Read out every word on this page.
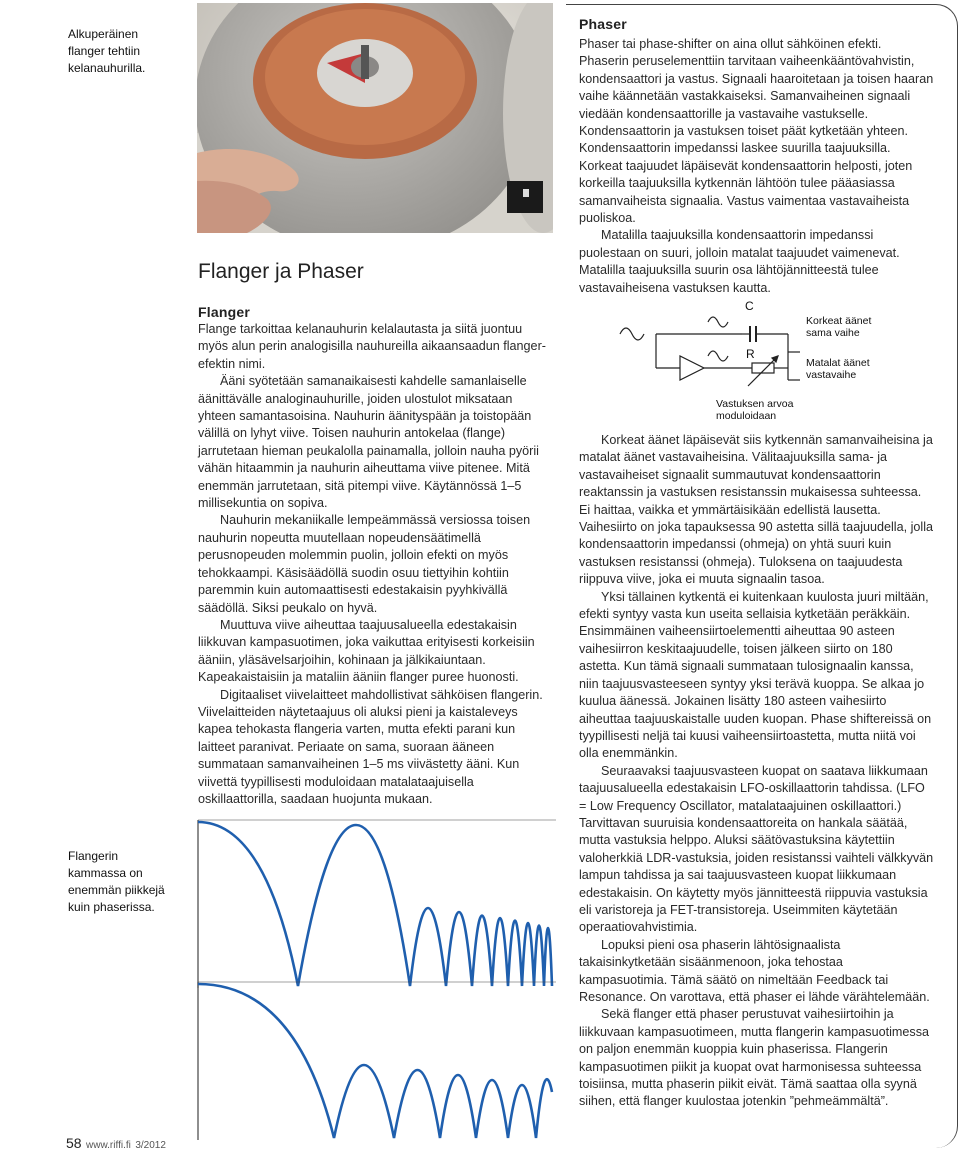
Alkuperäinen flanger tehtiin kelanauhurilla.
Flangerin kammassa on enemmän piikkejä kuin phaserissa.
Flanger ja Phaser
Flanger

Flange tarkoittaa kelanauhurin kelalautasta ja siitä juontuu myös alun perin analogisilla nauhureilla aikaansaadun flanger-efektin nimi.

Ääni syötetään samanaikaisesti kahdelle samanlaiselle äänittävälle analoginauhurille, joiden ulostulot miksataan yhteen samantasoisina. Nauhurin äänityspään ja toistopään välillä on lyhyt viive. Toisen nauhurin antokelaa (flange) jarrutetaan hieman peukalolla painamalla, jolloin nauha pyörii vähän hitaammin ja nauhurin aiheuttama viive pitenee. Mitä enemmän jarrutetaan, sitä pitempi viive. Käytännössä 1–5 millisekuntia on sopiva.

Nauhurin mekaniikalle lempeämmässä versiossa toisen nauhurin nopeutta muutellaan nopeudensäätimellä perusnopeuden molemmin puolin, jolloin efekti on myös tehokkaampi. Käsisäädöllä suodin osuu tiettyihin kohtiin paremmin kuin automaattisesti edestakaisin pyyhkivällä säädöllä. Siksi peukalo on hyvä.

Muuttuva viive aiheuttaa taajuusalueella edestakaisin liikkuvan kampasuotimen, joka vaikuttaa erityisesti korkeisiin ääniin, yläsävelsarjoihin, kohinaan ja jälkikaiuntaan. Kapeakaistaisiin ja mataliin ääniin flanger puree huonosti.

Digitaaliset viivelaitteet mahdollistivat sähköisen flangerin. Viivelaitteiden näytetaajuus oli aluksi pieni ja kaistaleveys kapea tehokasta flangeria varten, mutta efekti parani kun laitteet paranivat. Periaate on sama, suoraan ääneen summataan samanvaiheinen 1–5 ms viivästetty ääni. Kun viivettä tyypillisesti moduloidaan matalataajuisella oskillaattorilla, saadaan huojunta mukaan.

Phaser

Phaser tai phase-shifter on aina ollut sähköinen efekti. Phaserin peruselementtiin tarvitaan vaiheenkääntövahvistin, kondensaattori ja vastus. Signaali haaroitetaan ja toisen haaran vaihe käännetään vastakkaiseksi. Samanvaiheinen signaali viedään kondensaattorille ja vastavaihe vastukselle. Kondensaattorin ja vastuksen toiset päät kytketään yhteen. Kondensaattorin impedanssi laskee suurilla taajuuksilla. Korkeat taajuudet läpäisevät kondensaattorin helposti, joten korkeilla taajuuksilla kytkennän lähtöön tulee pääasiassa samanvaiheista signaalia. Vastus vaimentaa vastavaiheista puoliskoa.

Matalilla taajuuksilla kondensaattorin impedanssi puolestaan on suuri, jolloin matalat taajuudet vaimenevat. Matalilla taajuuksilla suurin osa lähtöjännitteestä tulee vastavaiheisena vastuksen kautta.

C
R
Korkeat äänet
sama vaihe
Matalat äänet
vastavaihe
Vastuksen arvoa
moduloidaan

Korkeat äänet läpäisevät siis kytkennän samanvaiheisina ja matalat äänet vastavaiheisina. Välitaajuuksilla sama- ja vastavaiheiset signaalit summautuvat kondensaattorin reaktanssin ja vastuksen resistanssin mukaisessa suhteessa. Ei haittaa, vaikka et ymmärtäisikään edellistä lausetta. Vaihesiirto on joka tapauksessa 90 astetta sillä taajuudella, jolla kondensaattorin impedanssi (ohmeja) on yhtä suuri kuin vastuksen resistanssi (ohmeja). Tuloksena on taajuudesta riippuva viive, joka ei muuta signaalin tasoa.

Yksi tällainen kytkentä ei kuitenkaan kuulosta juuri miltään, efekti syntyy vasta kun useita sellaisia kytketään peräkkäin. Ensimmäinen vaiheensiirtoelementti aiheuttaa 90 asteen vaihesiirron keskitaajuudelle, toisen jälkeen siirto on 180 astetta. Kun tämä signaali summataan tulosignaalin kanssa, niin taajuusvasteeseen syntyy yksi terävä kuoppa. Se alkaa jo kuulua äänessä. Jokainen lisätty 180 asteen vaihesiirto aiheuttaa taajuuskaistalle uuden kuopan. Phase shiftereissä on tyypillisesti neljä tai kuusi vaiheensiirtoastetta, mutta niitä voi olla enemmänkin.

Seuraavaksi taajuusvasteen kuopat on saatava liikkumaan taajuusalueella edestakaisin LFO-oskillaattorin tahdissa. (LFO = Low Frequency Oscillator, matalataajuinen oskillaattori.) Tarvittavan suuruisia kondensaattoreita on hankala säätää, mutta vastuksia helppo. Aluksi säätövastuksina käytettiin valoherkkiä LDR-vastuksia, joiden resistanssi vaihteli välkkyvän lampun tahdissa ja sai taajuusvasteen kuopat liikkumaan edestakaisin. On käytetty myös jännitteestä riippuvia vastuksia eli varistoreja ja FET-transistoreja. Useimmiten käytetään operaatiovahvistimia.

Lopuksi pieni osa phaserin lähtösignaalista takaisinkytketään sisäänmenoon, joka tehostaa kampasuotimia. Tämä säätö on nimeltään Feedback tai Resonance. On varottava, että phaser ei lähde värähtelemään.

Sekä flanger että phaser perustuvat vaihesiirtoihin ja liikkuvaan kampasuotimeen, mutta flangerin kampasuotimessa on paljon enemmän kuoppia kuin phaserissa. Flangerin kampasuotimen piikit ja kuopat ovat harmonisessa suhteessa toisiinsa, mutta phaserin piikit eivät. Tämä saattaa olla syynä siihen, että flanger kuulostaa jotenkin ”pehmeämmältä”.

58 www.riffi.fi 3/2012
